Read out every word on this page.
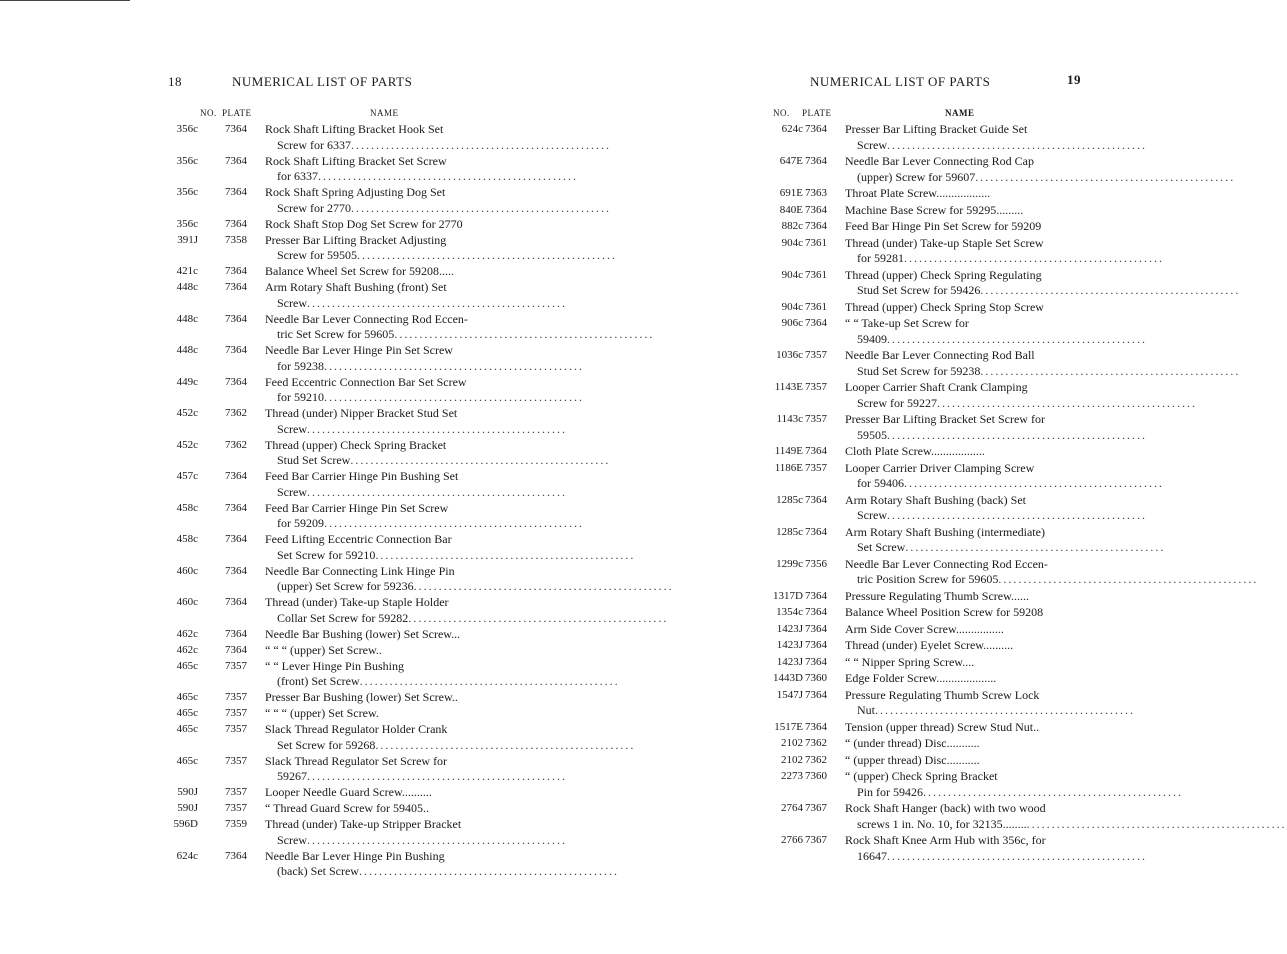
18	NUMERICAL LIST OF PARTS
NO. PLATE	NAME
356c 7364 Rock Shaft Lifting Bracket Hook Set
Screw for 6337....................................................
356c 7364 Rock Shaft Lifting Bracket Set Screw
for 6337....................................................
356c 7364 Rock Shaft Spring Adjusting Dog Set
Screw for 2770....................................................
356c 7364 Rock Shaft Stop Dog Set Screw for 2770
391J 7358 Presser Bar Lifting Bracket Adjusting
Screw for 59505....................................................
421c 7364 Balance Wheel Set Screw for 59208.....
448c 7364 Arm Rotary Shaft Bushing (front) Set
Screw....................................................
448c 7364 Needle Bar Lever Connecting Rod Eccen-
tric Set Screw for 59605....................................................
448c 7364 Needle Bar Lever Hinge Pin Set Screw
for 59238....................................................
449c 7364 Feed Eccentric Connection Bar Set Screw
for 59210....................................................
452c 7362 Thread (under) Nipper Bracket Stud Set
Screw....................................................
452c 7362 Thread (upper) Check Spring Bracket
Stud Set Screw....................................................
457c 7364 Feed Bar Carrier Hinge Pin Bushing Set
Screw....................................................
458c 7364 Feed Bar Carrier Hinge Pin Set Screw
for 59209....................................................
458c 7364 Feed Lifting Eccentric Connection Bar
Set Screw for 59210....................................................
460c 7364 Needle Bar Connecting Link Hinge Pin
(upper) Set Screw for 59236....................................................
460c 7364 Thread (under) Take-up Staple Holder
Collar Set Screw for 59282....................................................
462c 7364 Needle Bar Bushing (lower) Set Screw...
462c 7364 “ “ “ (upper) Set Screw..
465c 7357 “ “ Lever Hinge Pin Bushing
(front) Set Screw....................................................
465c 7357 Presser Bar Bushing (lower) Set Screw..
465c 7357 “ “ “ (upper) Set Screw.
465c 7357 Slack Thread Regulator Holder Crank
Set Screw for 59268....................................................
465c 7357 Slack Thread Regulator Set Screw for
59267....................................................
590J 7357 Looper Needle Guard Screw..........
590J 7357 “ Thread Guard Screw for 59405..
596D 7359 Thread (under) Take-up Stripper Bracket
Screw....................................................
624c 7364 Needle Bar Lever Hinge Pin Bushing
(back) Set Screw....................................................
NUMERICAL LIST OF PARTS	19
NO. PLATE	NAME
624c 7364 Presser Bar Lifting Bracket Guide Set
Screw....................................................
647E 7364 Needle Bar Lever Connecting Rod Cap
(upper) Screw for 59607....................................................
691E 7363 Throat Plate Screw..................
840E 7364 Machine Base Screw for 59295.........
882c 7364 Feed Bar Hinge Pin Set Screw for 59209
904c 7361 Thread (under) Take-up Staple Set Screw
for 59281....................................................
904c 7361 Thread (upper) Check Spring Regulating
Stud Set Screw for 59426....................................................
904c 7361 Thread (upper) Check Spring Stop Screw
906c 7364 “ “ Take-up Set Screw for
59409....................................................
1036c 7357 Needle Bar Lever Connecting Rod Ball
Stud Set Screw for 59238....................................................
1143E 7357 Looper Carrier Shaft Crank Clamping
Screw for 59227....................................................
1143c 7357 Presser Bar Lifting Bracket Set Screw for
59505....................................................
1149E 7364 Cloth Plate Screw..................
1186E 7357 Looper Carrier Driver Clamping Screw
for 59406....................................................
1285c 7364 Arm Rotary Shaft Bushing (back) Set
Screw....................................................
1285c 7364 Arm Rotary Shaft Bushing (intermediate)
Set Screw....................................................
1299c 7356 Needle Bar Lever Connecting Rod Eccen-
tric Position Screw for 59605....................................................
1317D 7364 Pressure Regulating Thumb Screw......
1354c 7364 Balance Wheel Position Screw for 59208
1423J 7364 Arm Side Cover Screw................
1423J 7364 Thread (under) Eyelet Screw..........
1423J 7364 “ “ Nipper Spring Screw....
1443D 7360 Edge Folder Screw....................
1547J 7364 Pressure Regulating Thumb Screw Lock
Nut....................................................
1517E 7364 Tension (upper thread) Screw Stud Nut..
2102 7362 “ (under thread) Disc...........
2102 7362 “ (upper thread) Disc...........
2273 7360 “ (upper) Check Spring Bracket
Pin for 59426....................................................
2764 7367 Rock Shaft Hanger (back) with two wood
screws 1 in. No. 10, for 32135............................................................
2766 7367 Rock Shaft Knee Arm Hub with 356c, for
16647....................................................
